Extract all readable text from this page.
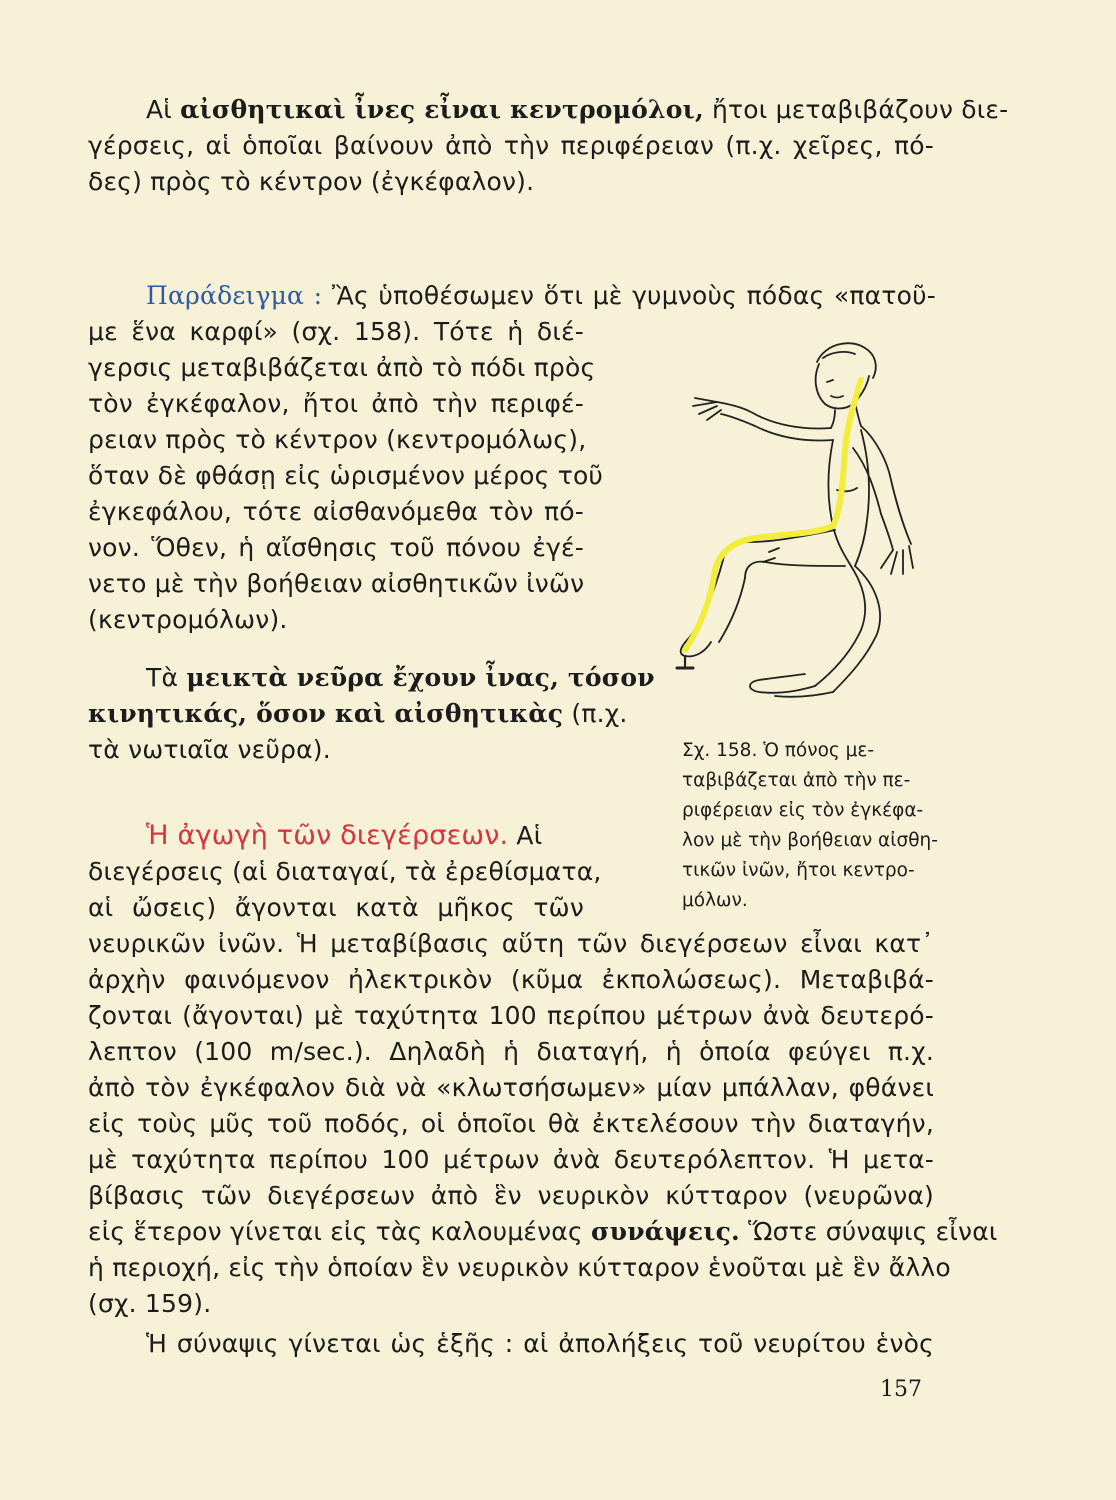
Αἱ αἰσθητικαὶ ἶνες εἶναι κεντρομόλοι, ἤτοι μεταβιβάζουν διε-
γέρσεις, αἱ ὁποῖαι βαίνουν ἀπὸ τὴν περιφέρειαν (π.χ. χεῖρες, πό-
δες) πρὸς τὸ κέντρον (ἐγκέφαλον).
Παράδειγμα : Ἂς ὑποθέσωμεν ὅτι μὲ γυμνοὺς πόδας «πατοῦ-
με ἕνα καρφί» (σχ. 158). Τότε ἡ διέ-
γερσις μεταβιβάζεται ἀπὸ τὸ πόδι πρὸς
τὸν ἐγκέφαλον, ἤτοι ἀπὸ τὴν περιφέ-
ρειαν πρὸς τὸ κέντρον (κεντρομόλως),
ὅταν δὲ φθάσῃ εἰς ὡρισμένον μέρος τοῦ
ἐγκεφάλου, τότε αἰσθανόμεθα τὸν πό-
νον. Ὅθεν, ἡ αἴσθησις τοῦ πόνου ἐγέ-
νετο μὲ τὴν βοήθειαν αἰσθητικῶν ἰνῶν
(κεντρομόλων).
Τὰ μεικτὰ νεῦρα ἔχουν ἶνας, τόσον
κινητικάς, ὅσον καὶ αἰσθητικὰς (π.χ.
τὰ νωτιαῖα νεῦρα).	Σχ. 158. Ὁ πόνος με-
ταβιβάζεται ἀπὸ τὴν πε-
ριφέρειαν εἰς τὸν ἐγκέφα-
λον μὲ τὴν βοήθειαν αἰσθη-
τικῶν ἰνῶν, ἤτοι κεντρο-
μόλων.
Ἡ ἀγωγὴ τῶν διεγέρσεων. Αἱ
διεγέρσεις (αἱ διαταγαί, τὰ ἐρεθίσματα,
αἱ ὤσεις) ἄγονται κατὰ μῆκος τῶν
νευρικῶν ἰνῶν. Ἡ μεταβίβασις αὕτη τῶν διεγέρσεων εἶναι κατ᾽
ἀρχὴν φαινόμενον ἠλεκτρικὸν (κῦμα ἐκπολώσεως). Μεταβιβά-
ζονται (ἄγονται) μὲ ταχύτητα 100 περίπου μέτρων ἀνὰ δευτερό-
λεπτον (100 m/sec.). Δηλαδὴ ἡ διαταγή, ἡ ὁποία φεύγει π.χ.
ἀπὸ τὸν ἐγκέφαλον διὰ νὰ «κλωτσήσωμεν» μίαν μπάλλαν, φθάνει
εἰς τοὺς μῦς τοῦ ποδός, οἱ ὁποῖοι θὰ ἐκτελέσουν τὴν διαταγήν,
μὲ ταχύτητα περίπου 100 μέτρων ἀνὰ δευτερόλεπτον. Ἡ μετα-
βίβασις τῶν διεγέρσεων ἀπὸ ἓν νευρικὸν κύτταρον (νευρῶνα)
εἰς ἕτερον γίνεται εἰς τὰς καλουμένας συνάψεις. Ὥστε σύναψις εἶναι
ἡ περιοχή, εἰς τὴν ὁποίαν ἓν νευρικὸν κύτταρον ἑνοῦται μὲ ἓν ἄλλο
(σχ. 159).
Ἡ σύναψις γίνεται ὡς ἑξῆς : αἱ ἀπολήξεις τοῦ νευρίτου ἑνὸς
157
